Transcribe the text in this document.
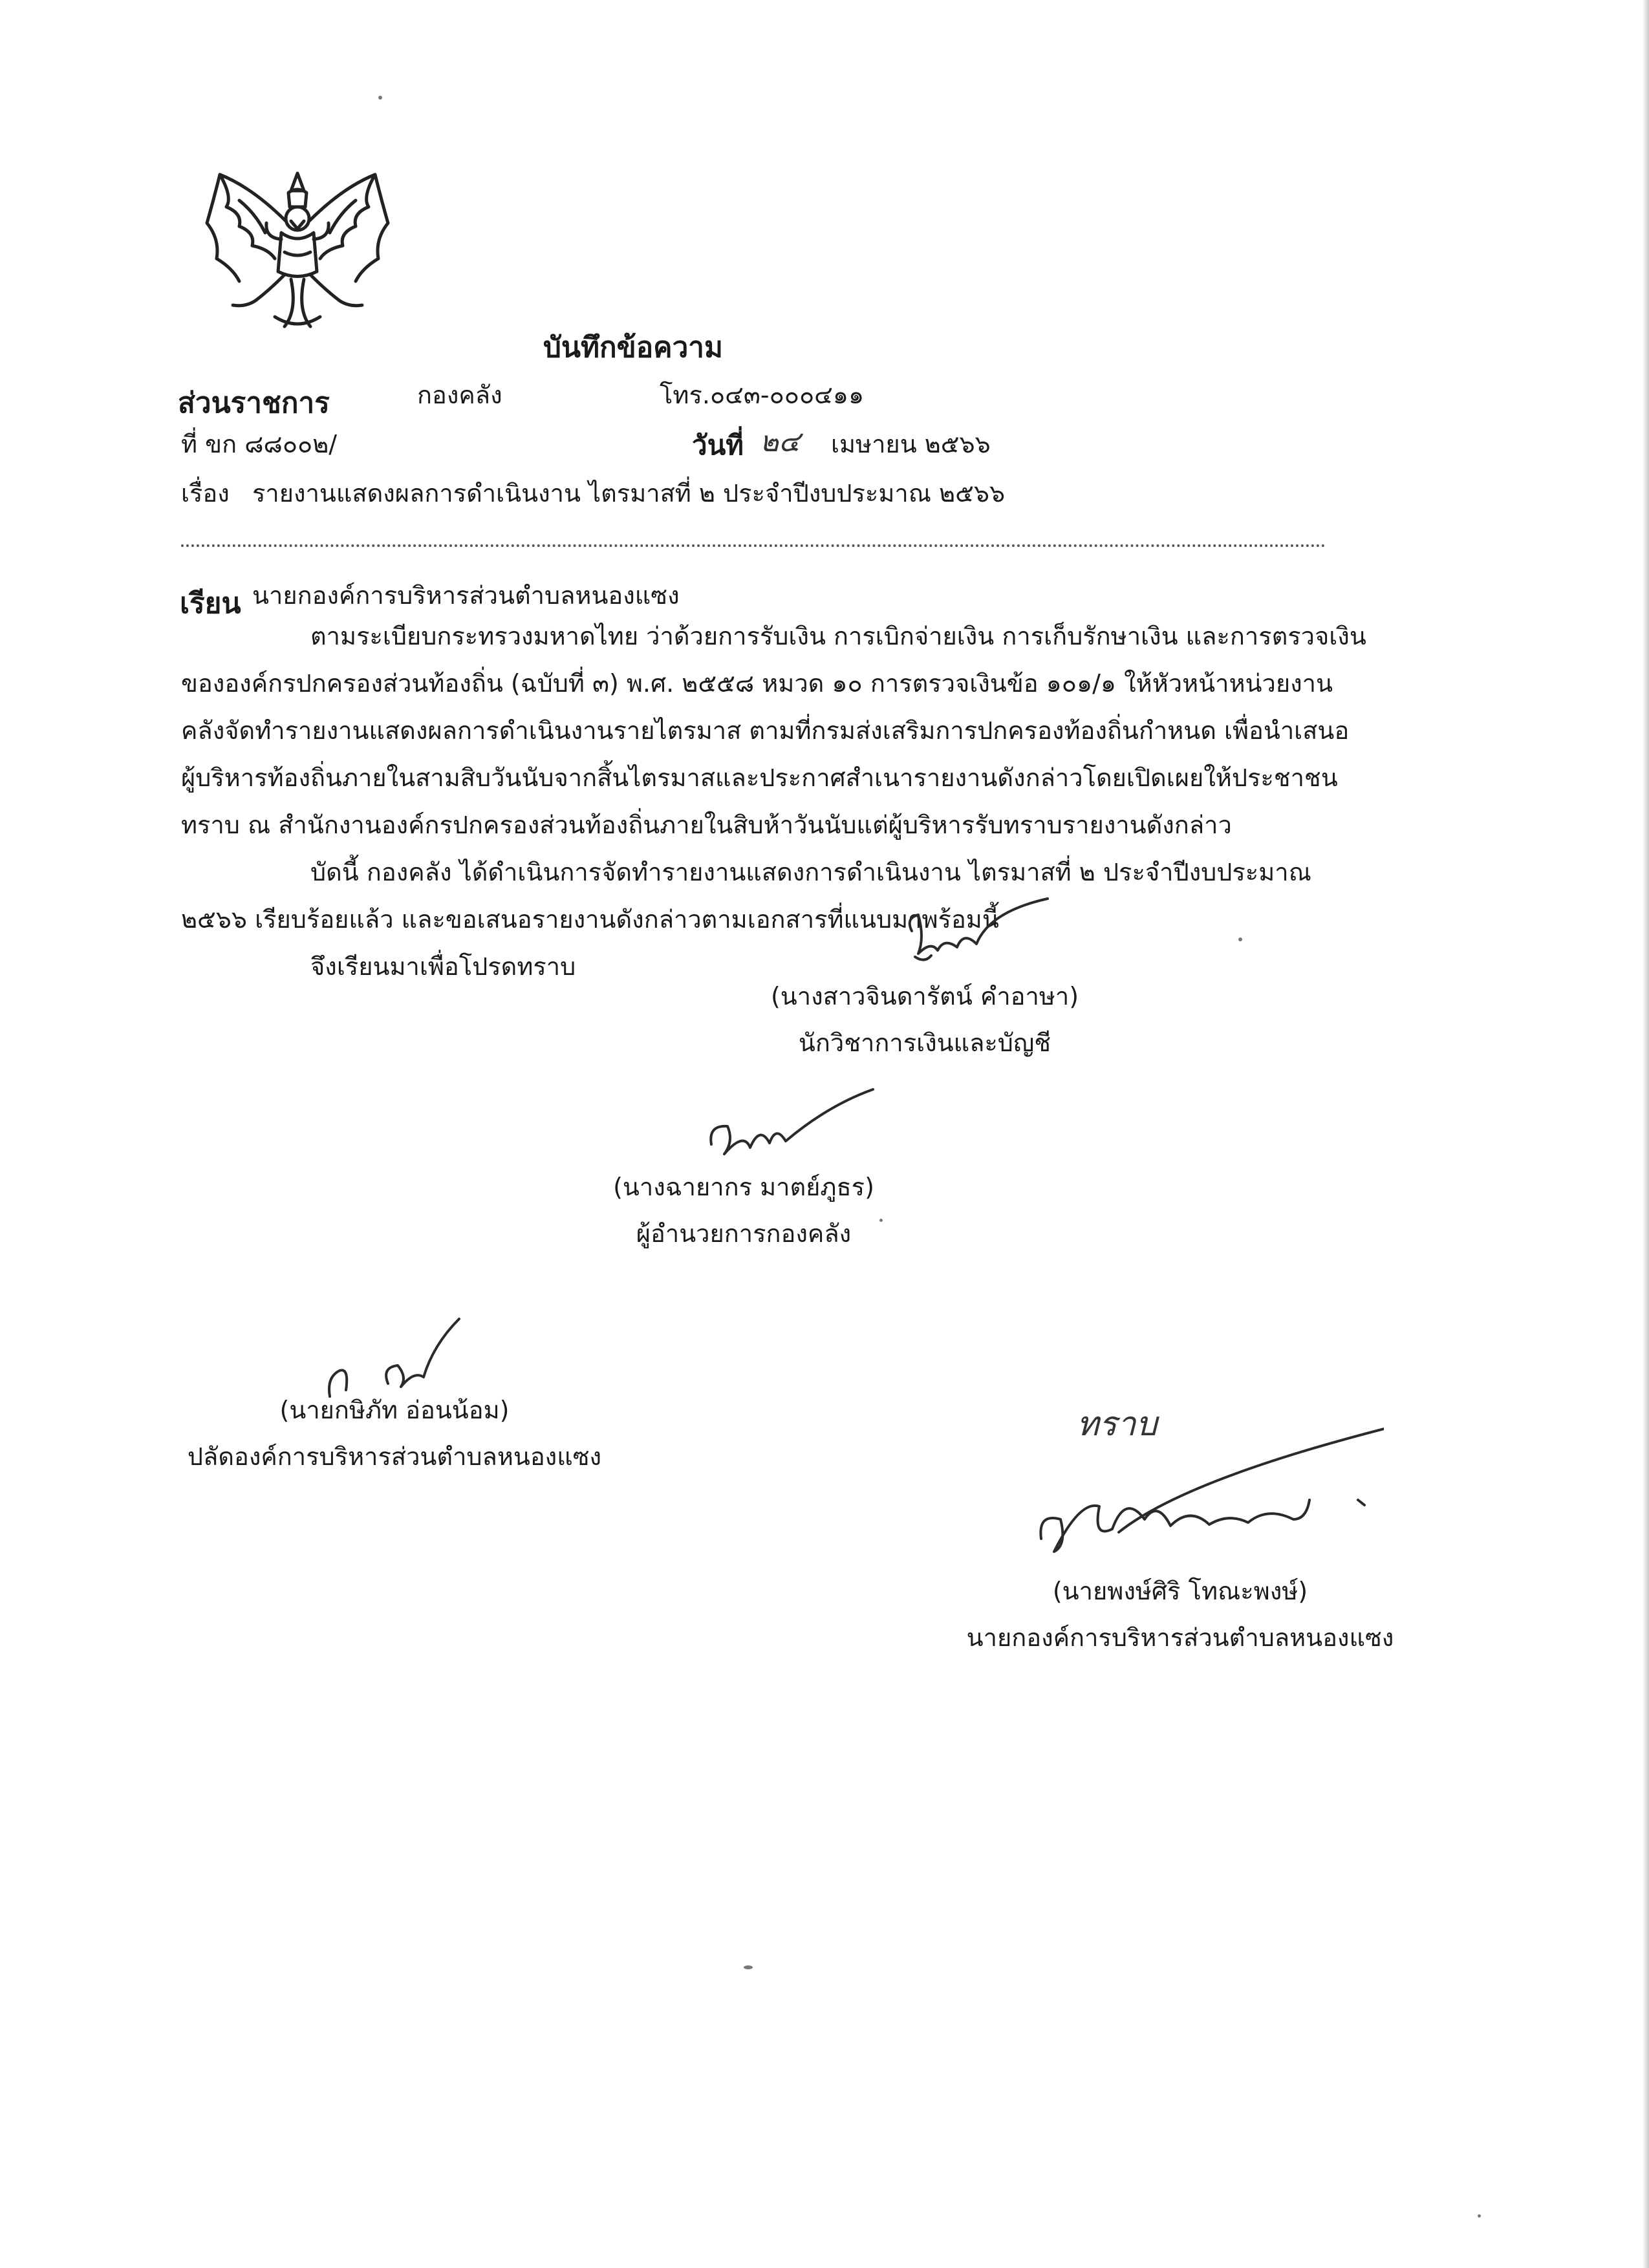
บันทึกข้อความ
ส่วนราชการ	กองคลัง	โทร.๐๔๓-๐๐๐๔๑๑
ที่ ขก ๘๘๐๐๒/	วันที่ ๒๔ เมษายน ๒๕๖๖
เรื่อง รายงานแสดงผลการดำเนินงาน ไตรมาสที่ ๒ ประจำปีงบประมาณ ๒๕๖๖
เรียน นายกองค์การบริหารส่วนตำบลหนองแซง
ตามระเบียบกระทรวงมหาดไทย ว่าด้วยการรับเงิน การเบิกจ่ายเงิน การเก็บรักษาเงิน และการตรวจเงิน
ขององค์กรปกครองส่วนท้องถิ่น (ฉบับที่ ๓) พ.ศ. ๒๕๕๘ หมวด ๑๐ การตรวจเงินข้อ ๑๐๑/๑ ให้หัวหน้าหน่วยงาน
คลังจัดทำรายงานแสดงผลการดำเนินงานรายไตรมาส ตามที่กรมส่งเสริมการปกครองท้องถิ่นกำหนด เพื่อนำเสนอ
ผู้บริหารท้องถิ่นภายในสามสิบวันนับจากสิ้นไตรมาสและประกาศสำเนารายงานดังกล่าวโดยเปิดเผยให้ประชาชน
ทราบ ณ สำนักงานองค์กรปกครองส่วนท้องถิ่นภายในสิบห้าวันนับแต่ผู้บริหารรับทราบรายงานดังกล่าว
บัดนี้ กองคลัง ได้ดำเนินการจัดทำรายงานแสดงการดำเนินงาน ไตรมาสที่ ๒ ประจำปีงบประมาณ
๒๕๖๖ เรียบร้อยแล้ว และขอเสนอรายงานดังกล่าวตามเอกสารที่แนบมาพร้อมนี้
จึงเรียนมาเพื่อโปรดทราบ
(นางสาวจินดารัตน์ คำอาษา)
นักวิชาการเงินและบัญชี
(นางฉายากร มาตย์ภูธร)
ผู้อำนวยการกองคลัง
(นายกษิภัท อ่อนน้อม)
ปลัดองค์การบริหารส่วนตำบลหนองแซง
ทราบ
(นายพงษ์ศิริ โทณะพงษ์)
นายกองค์การบริหารส่วนตำบลหนองแซง
